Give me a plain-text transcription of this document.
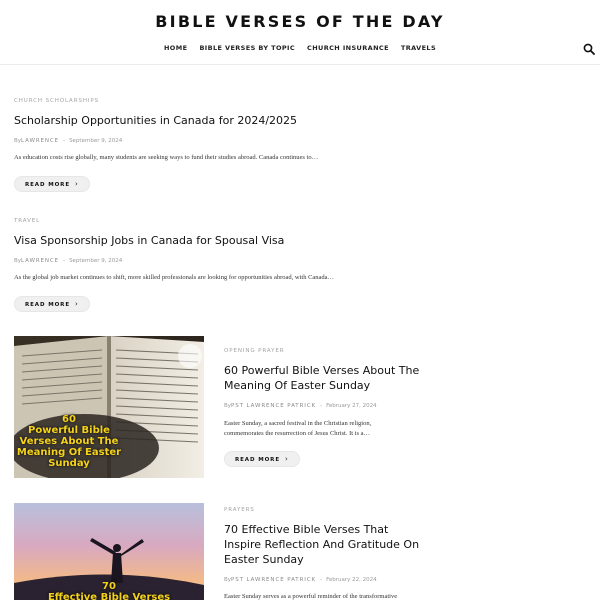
BIBLE VERSES OF THE DAY
HOME BIBLE VERSES BY TOPIC CHURCH INSURANCE TRAVELS
CHURCH SCHOLARSHIPS
Scholarship Opportunities in Canada for 2024/2025
ByLAWRENCE - September 9, 2024

As education costs rise globally, many students are seeking ways to fund their studies abroad. Canada continues to…

READ MORE ›
TRAVEL
Visa Sponsorship Jobs in Canada for Spousal Visa
ByLAWRENCE - September 9, 2024

As the global job market continues to shift, more skilled professionals are looking for opportunities abroad, with Canada…

READ MORE ›
60
Powerful Bible
Verses About The
Meaning Of Easter
Sunday
OPENING PRAYER
60 Powerful Bible Verses About The Meaning Of Easter Sunday
ByPST LAWRENCE PATRICK - February 27, 2024

Easter Sunday, a sacred festival in the Christian religion, commemorates the resurrection of Jesus Christ. It is a…

READ MORE ›
70
Effective Bible Verses
PRAYERS
70 Effective Bible Verses That Inspire Reflection And Gratitude On Easter Sunday
ByPST LAWRENCE PATRICK - February 22, 2024

Easter Sunday serves as a powerful reminder of the transformative
